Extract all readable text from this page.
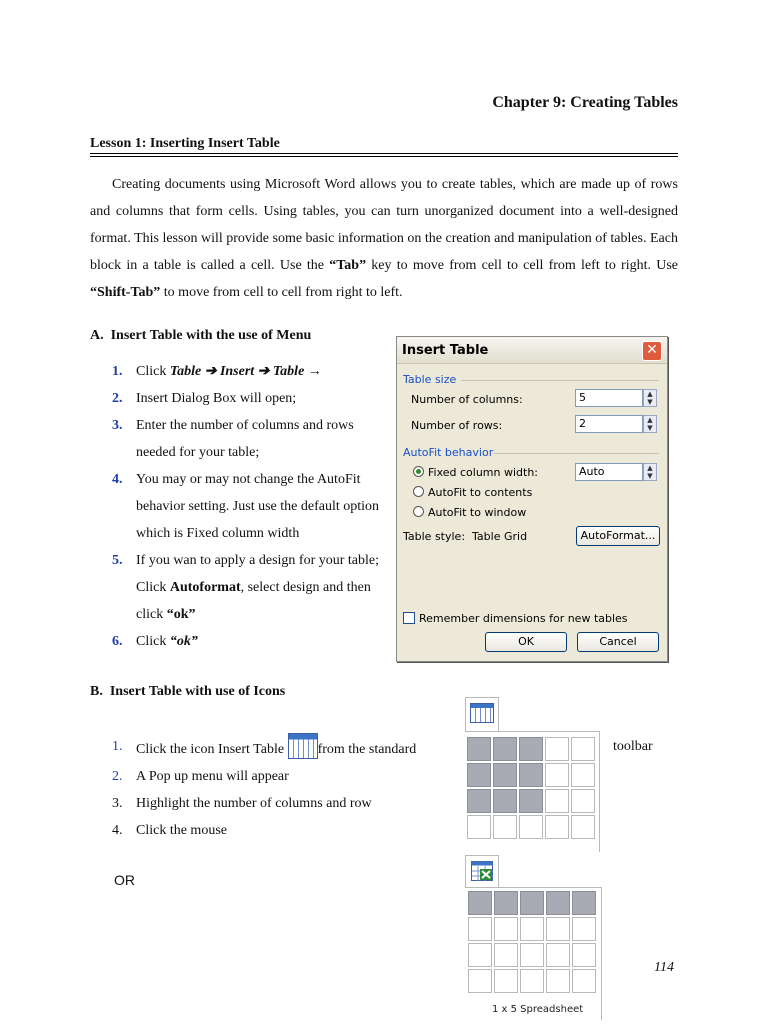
Chapter 9: Creating Tables
Lesson 1: Inserting Insert Table

Creating documents using Microsoft Word allows you to create tables, which are made up of rows and columns that form cells. Using tables, you can turn unorganized document into a well-designed format. This lesson will provide some basic information on the creation and manipulation of tables. Each block in a table is called a cell. Use the “Tab” key to move from cell to cell from left to right. Use “Shift-Tab” to move from cell to cell from right to left.

A.  Insert Table with the use of Menu
1. Click Table ➔ Insert ➔ Table →
2. Insert Dialog Box will open;
3. Enter the number of columns and rows needed for your table;
4. You may or may not change the AutoFit behavior setting. Just use the default option which is Fixed column width
5. If you wan to apply a design for your table; Click Autoformat, select design and then click “ok”
6. Click “ok”
Insert Table	✕
Table size
Number of columns:	5	▲
▼
Number of rows:	2	▲
▼
AutoFit behavior
Fixed column width:	Auto	▲
▼
AutoFit to contents
AutoFit to window
Table style:  Table Grid	AutoFormat...
Remember dimensions for new tables
OK	Cancel
B.  Insert Table with use of Icons
1. Click the icon Insert Table from the standard
2. A Pop up menu will appear
3. Highlight the number of columns and row
4. Click the mouse
toolbar
OR
1 x 5 Spreadsheet
114
